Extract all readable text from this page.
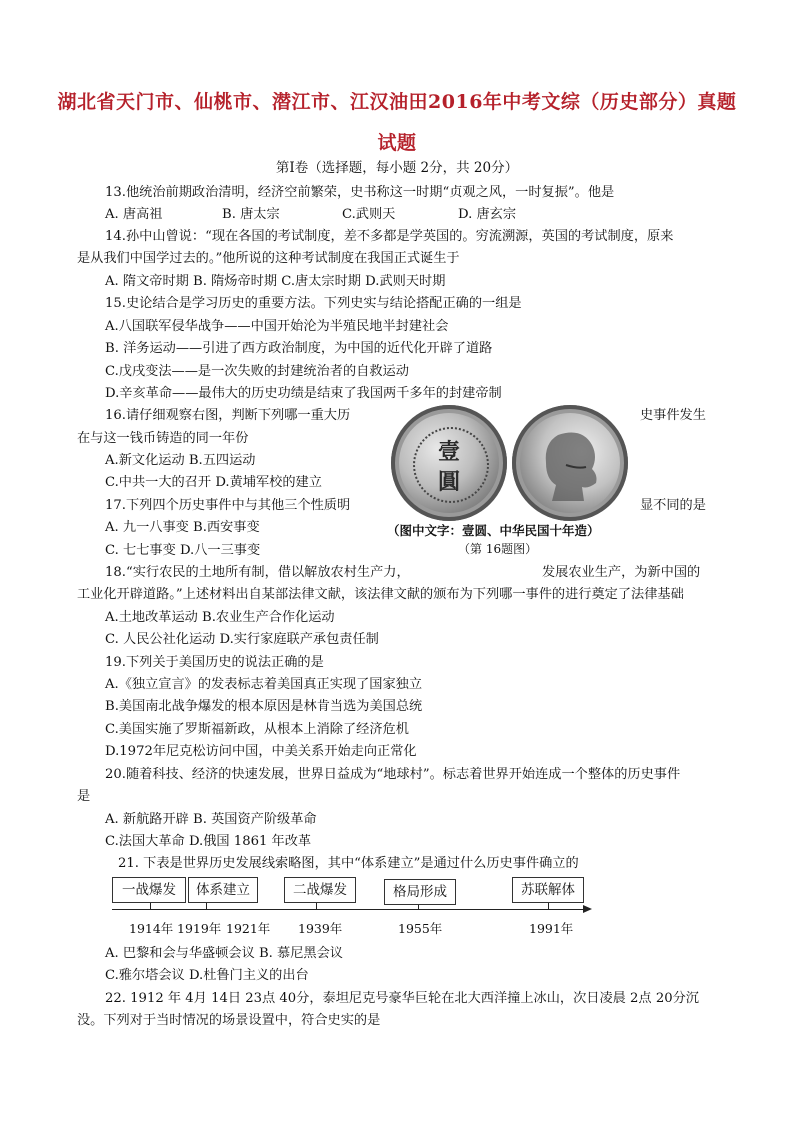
湖北省天门市、仙桃市、潜江市、江汉油田2016年中考文综（历史部分）真题
试题
第Ⅰ卷（选择题，每小题 2分，共 20分）
13.他统治前期政治清明，经济空前繁荣，史书称这一时期“贞观之风，一时复振”。他是
A. 唐高祖	B. 唐太宗	C.武则天	D. 唐玄宗
14.孙中山曾说：“现在各国的考试制度，差不多都是学英国的。穷流溯源，英国的考试制度，原来
是从我们中国学过去的。”他所说的这种考试制度在我国正式诞生于
A. 隋文帝时期 B. 隋炀帝时期 C.唐太宗时期 D.武则天时期
15.史论结合是学习历史的重要方法。下列史实与结论搭配正确的一组是
A.八国联军侵华战争——中国开始沦为半殖民地半封建社会
B. 洋务运动——引进了西方政治制度，为中国的近代化开辟了道路
C.戊戌变法——是一次失败的封建统治者的自救运动
D.辛亥革命——最伟大的历史功绩是结束了我国两千多年的封建帝制
16.请仔细观察右图，判断下列哪一重大历	史事件发生
在与这一钱币铸造的同一年份
A.新文化运动 B.五四运动
C.中共一大的召开 D.黄埔军校的建立
壹
圓
（图中文字：壹圆、中华民国十年造）
（第 16题图）
17.下列四个历史事件中与其他三个性质明	显不同的是
A. 九一八事变 B.西安事变
C. 七七事变 D.八一三事变
18.“实行农民的土地所有制，借以解放农村生产力，	发展农业生产，为新中国的
工业化开辟道路。”上述材料出自某部法律文献，该法律文献的颁布为下列哪一事件的进行奠定了法律基础
A.土地改革运动 B.农业生产合作化运动
C. 人民公社化运动 D.实行家庭联产承包责任制
19.下列关于美国历史的说法正确的是
A.《独立宣言》的发表标志着美国真正实现了国家独立
B.美国南北战争爆发的根本原因是林肯当选为美国总统
C.美国实施了罗斯福新政，从根本上消除了经济危机
D.1972年尼克松访问中国，中美关系开始走向正常化
20.随着科技、经济的快速发展，世界日益成为“地球村”。标志着世界开始连成一个整体的历史事件
是
A. 新航路开辟 B. 英国资产阶级革命
C.法国大革命 D.俄国 1861 年改革
21. 下表是世界历史发展线索略图，其中“体系建立”是通过什么历史事件确立的
一战爆发	体系建立	二战爆发	格局形成	苏联解体
1914年 1919年 1921年 1939年	1955年	1991年
A. 巴黎和会与华盛顿会议 B. 慕尼黑会议
C.雅尔塔会议 D.杜鲁门主义的出台
22. 1912 年 4月 14日 23点 40分，泰坦尼克号豪华巨轮在北大西洋撞上冰山，次日凌晨 2点 20分沉
没。下列对于当时情况的场景设置中，符合史实的是
